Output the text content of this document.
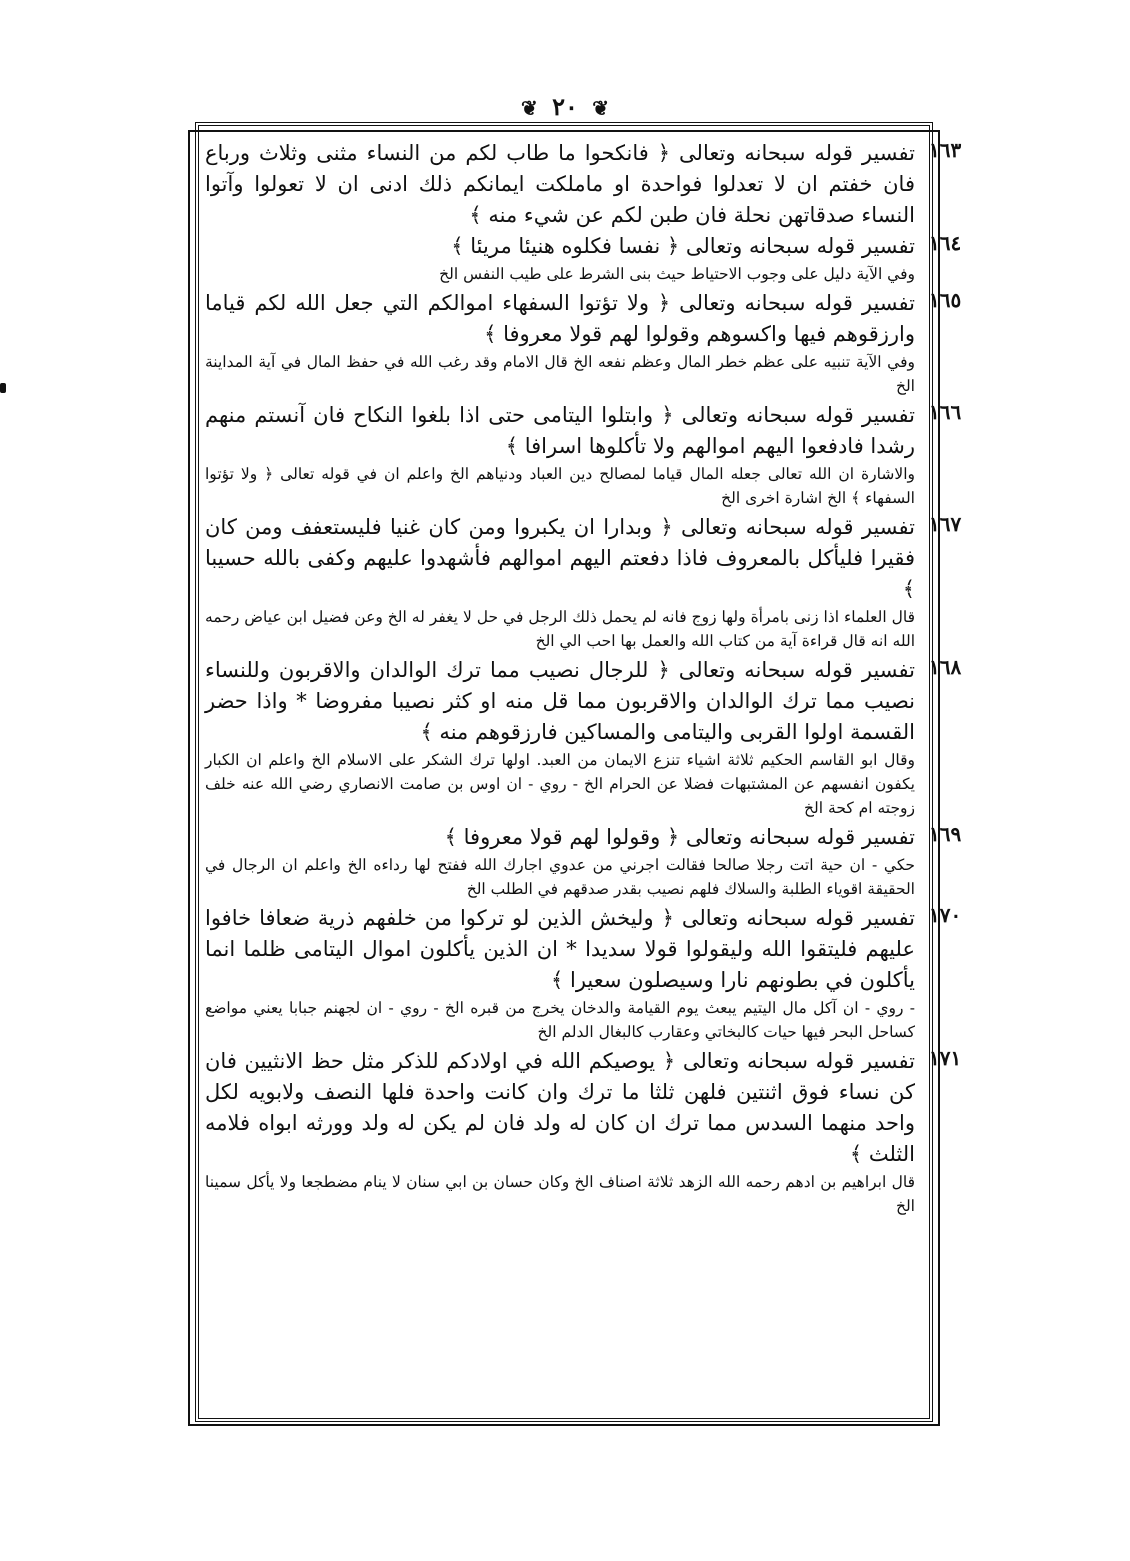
❦ ٢٠ ❦
١٦٣
تفسير قوله سبحانه وتعالى ﴿ فانكحوا ما طاب لكم من النساء مثنى وثلاث ورباع فان خفتم ان لا تعدلوا فواحدة او ماملكت ايمانكم ذلك ادنى ان لا تعولوا وآتوا النساء صدقاتهن نحلة فان طبن لكم عن شيء منه ﴾
١٦٤
تفسير قوله سبحانه وتعالى ﴿ نفسا فكلوه هنيئا مريئا ﴾
وفي الآية دليل على وجوب الاحتياط حيث بنى الشرط على طيب النفس الخ
١٦٥
تفسير قوله سبحانه وتعالى ﴿ ولا تؤتوا السفهاء اموالكم التي جعل الله لكم قياما وارزقوهم فيها واكسوهم وقولوا لهم قولا معروفا ﴾
وفي الآية تنبيه على عظم خطر المال وعظم نفعه الخ قال الامام وقد رغب الله في حفظ المال في آية المداينة الخ
١٦٦
تفسير قوله سبحانه وتعالى ﴿ وابتلوا اليتامى حتى اذا بلغوا النكاح فان آنستم منهم رشدا فادفعوا اليهم اموالهم ولا تأكلوها اسرافا ﴾
والاشارة ان الله تعالى جعله المال قياما لمصالح دين العباد ودنياهم الخ واعلم ان في قوله تعالى ﴿ ولا تؤتوا السفهاء ﴾ الخ اشارة اخرى الخ
١٦٧
تفسير قوله سبحانه وتعالى ﴿ وبدارا ان يكبروا ومن كان غنيا فليستعفف ومن كان فقيرا فليأكل بالمعروف فاذا دفعتم اليهم اموالهم فأشهدوا عليهم وكفى بالله حسيبا ﴾
قال العلماء اذا زنى بامرأة ولها زوج فانه لم يحمل ذلك الرجل في حل لا يغفر له الخ وعن فضيل ابن عياض رحمه الله انه قال قراءة آية من كتاب الله والعمل بها احب الي الخ
١٦٨
تفسير قوله سبحانه وتعالى ﴿ للرجال نصيب مما ترك الوالدان والاقربون وللنساء نصيب مما ترك الوالدان والاقربون مما قل منه او كثر نصيبا مفروضا * واذا حضر القسمة اولوا القربى واليتامى والمساكين فارزقوهم منه ﴾
وقال ابو القاسم الحكيم ثلاثة اشياء تنزع الايمان من العبد. اولها ترك الشكر على الاسلام الخ واعلم ان الكبار يكفون انفسهم عن المشتبهات فضلا عن الحرام الخ - روي - ان اوس بن صامت الانصاري رضي الله عنه خلف زوجته ام كحة الخ
١٦٩
تفسير قوله سبحانه وتعالى ﴿ وقولوا لهم قولا معروفا ﴾
حكي - ان حية اتت رجلا صالحا فقالت اجرني من عدوي اجارك الله ففتح لها رداءه الخ واعلم ان الرجال في الحقيقة اقوياء الطلبة والسلاك فلهم نصيب بقدر صدقهم في الطلب الخ
١٧٠
تفسير قوله سبحانه وتعالى ﴿ وليخش الذين لو تركوا من خلفهم ذرية ضعافا خافوا عليهم فليتقوا الله وليقولوا قولا سديدا * ان الذين يأكلون اموال اليتامى ظلما انما يأكلون في بطونهم نارا وسيصلون سعيرا ﴾
- روي - ان آكل مال اليتيم يبعث يوم القيامة والدخان يخرج من قبره الخ - روي - ان لجهنم جبابا يعني مواضع كساحل البحر فيها حيات كالبخاتي وعقارب كالبغال الدلم الخ
١٧١
تفسير قوله سبحانه وتعالى ﴿ يوصيكم الله في اولادكم للذكر مثل حظ الانثيين فان كن نساء فوق اثنتين فلهن ثلثا ما ترك وان كانت واحدة فلها النصف ولابويه لكل واحد منهما السدس مما ترك ان كان له ولد فان لم يكن له ولد وورثه ابواه فلامه الثلث ﴾
قال ابراهيم بن ادهم رحمه الله الزهد ثلاثة اصناف الخ وكان حسان بن ابي سنان لا ينام مضطجعا ولا يأكل سمينا الخ
